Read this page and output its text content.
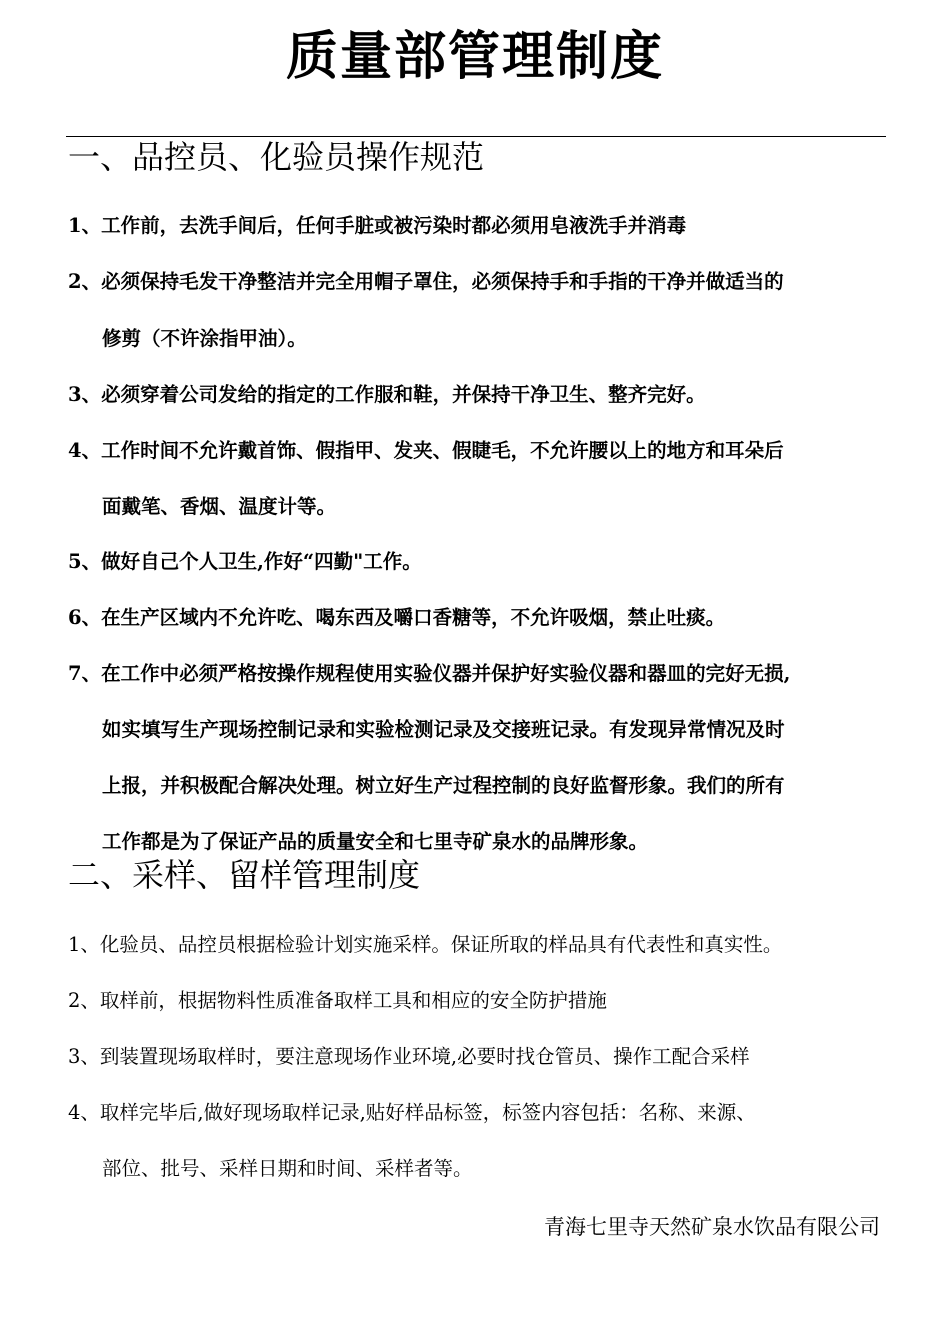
质量部管理制度
一、品控员、化验员操作规范
1、工作前，去洗手间后，任何手脏或被污染时都必须用皂液洗手并消毒
2、必须保持毛发干净整洁并完全用帽子罩住，必须保持手和手指的干净并做适当的
修剪（不许涂指甲油）。
3、必须穿着公司发给的指定的工作服和鞋，并保持干净卫生、整齐完好。
4、工作时间不允许戴首饰、假指甲、发夹、假睫毛，不允许腰以上的地方和耳朵后
面戴笔、香烟、温度计等。
5、做好自己个人卫生,作好“四勤"工作。
6、在生产区域内不允许吃、喝东西及嚼口香糖等，不允许吸烟，禁止吐痰。
7、在工作中必须严格按操作规程使用实验仪器并保护好实验仪器和器皿的完好无损,
如实填写生产现场控制记录和实验检测记录及交接班记录。有发现异常情况及时
上报，并积极配合解决处理。树立好生产过程控制的良好监督形象。我们的所有
工作都是为了保证产品的质量安全和七里寺矿泉水的品牌形象。
二、采样、留样管理制度
1、化验员、品控员根据检验计划实施采样。保证所取的样品具有代表性和真实性。
2、取样前，根据物料性质准备取样工具和相应的安全防护措施
3、到装置现场取样时，要注意现场作业环境,必要时找仓管员、操作工配合采样
4、取样完毕后,做好现场取样记录,贴好样品标签，标签内容包括：名称、来源、
部位、批号、采样日期和时间、采样者等。
青海七里寺天然矿泉水饮品有限公司
